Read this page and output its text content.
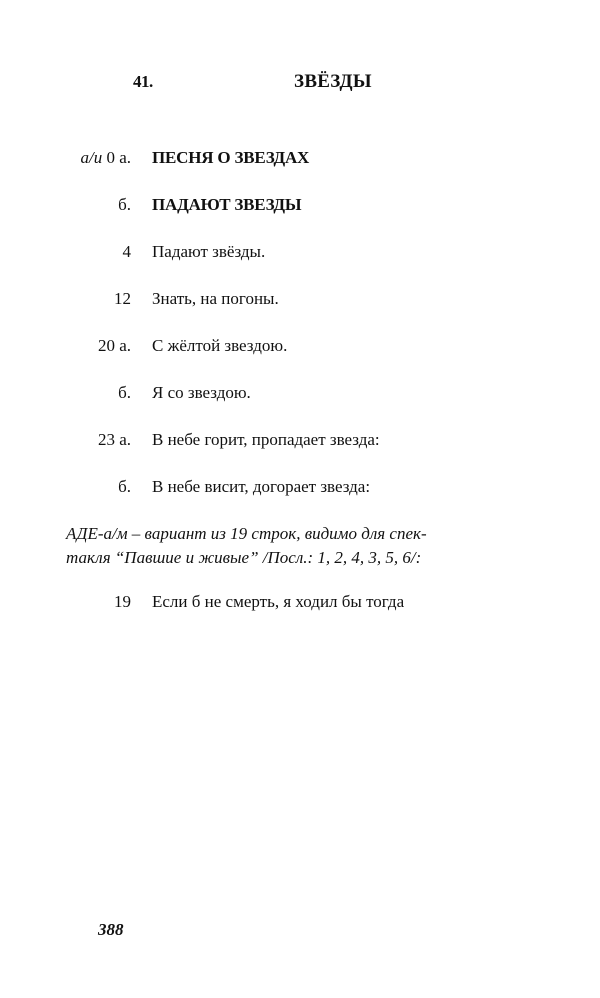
41.	ЗВЁЗДЫ
а/и 0 а. ПЕСНЯ О ЗВЕЗДАХ
б. ПАДАЮТ ЗВЕЗДЫ
4 Падают звёзды.
12 Знать, на погоны.
20 а. С жёлтой звездою.
б. Я со звездою.
23 а. В небе горит, пропадает звезда:
б. В небе висит, догорает звезда:
АДЕ-а/м – вариант из 19 строк, видимо для спек-
такля “Павшие и живые” /Посл.: 1, 2, 4, 3, 5, 6/:
19 Если б не смерть, я ходил бы тогда
388
